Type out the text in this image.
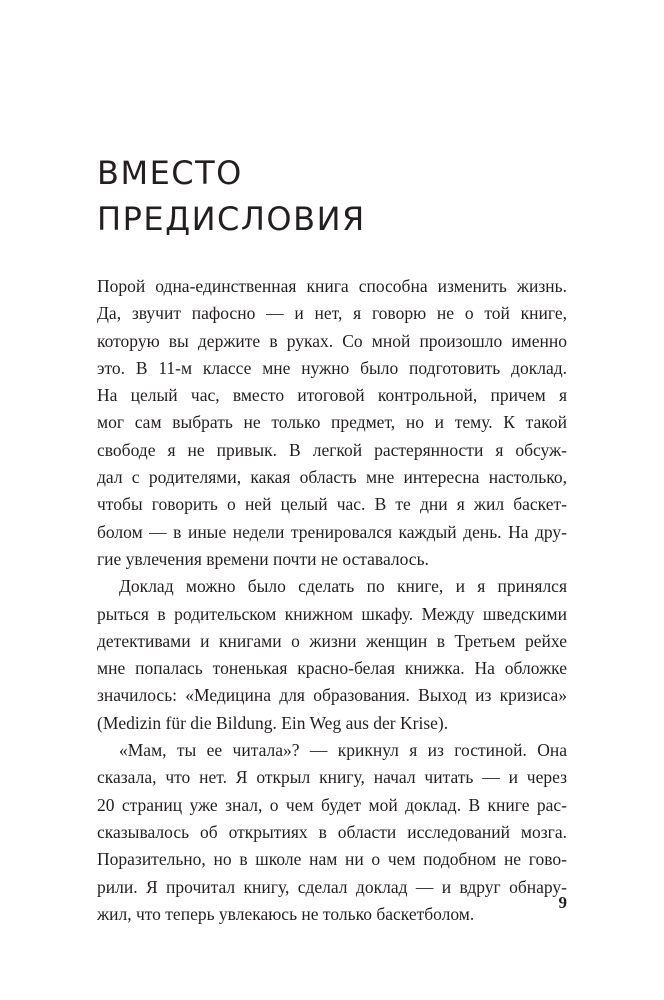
ВМЕСТО
ПРЕДИСЛОВИЯ

Порой одна-единственная книга способна изменить жизнь.
Да, звучит пафосно — и нет, я говорю не о той книге,
которую вы держите в руках. Со мной произошло именно
это. В 11-м классе мне нужно было подготовить доклад.
На целый час, вместо итоговой контрольной, причем я
мог сам выбрать не только предмет, но и тему. К такой
свободе я не привык. В легкой растерянности я обсуж-
дал с родителями, какая область мне интересна настолько,
чтобы говорить о ней целый час. В те дни я жил баскет-
болом — в иные недели тренировался каждый день. На дру-
гие увлечения времени почти не оставалось.

Доклад можно было сделать по книге, и я принялся
рыться в родительском книжном шкафу. Между шведскими
детективами и книгами о жизни женщин в Третьем рейхе
мне попалась тоненькая красно-белая книжка. На обложке
значилось: «Медицина для образования. Выход из кризиса»
(Medizin für die Bildung. Ein Weg aus der Krise).

«Мам, ты ее читала»? — крикнул я из гостиной. Она
сказала, что нет. Я открыл книгу, начал читать — и через
20 страниц уже знал, о чем будет мой доклад. В книге рас-
сказывалось об открытиях в области исследований мозга.
Поразительно, но в школе нам ни о чем подобном не гово-
рили. Я прочитал книгу, сделал доклад — и вдруг обнару-
жил, что теперь увлекаюсь не только баскетболом.

9
